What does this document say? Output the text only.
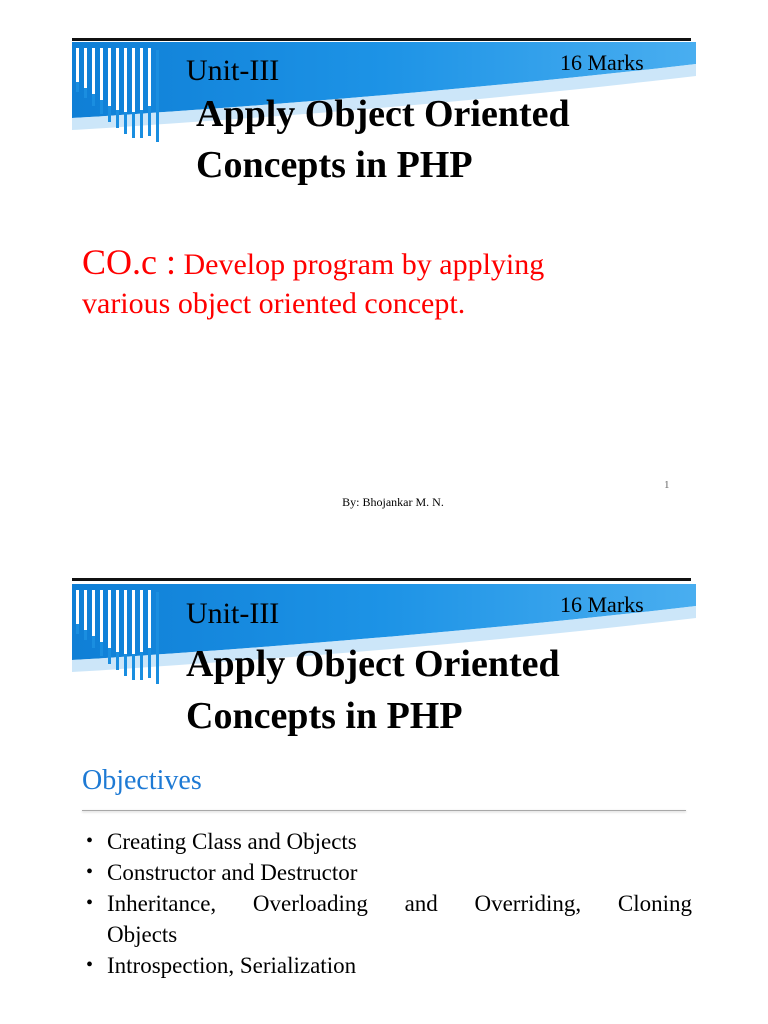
Unit-III	16 Marks
Apply Object Oriented
Concepts in PHP
CO.c : Develop program by applying
various object oriented concept.
1
By: Bhojankar M. N.
Unit-III	16 Marks
Apply Object Oriented
Concepts in PHP
Objectives
• Creating Class and Objects
• Constructor and Destructor
• Inheritance, Overloading and Overriding, Cloning
Objects
• Introspection, Serialization
